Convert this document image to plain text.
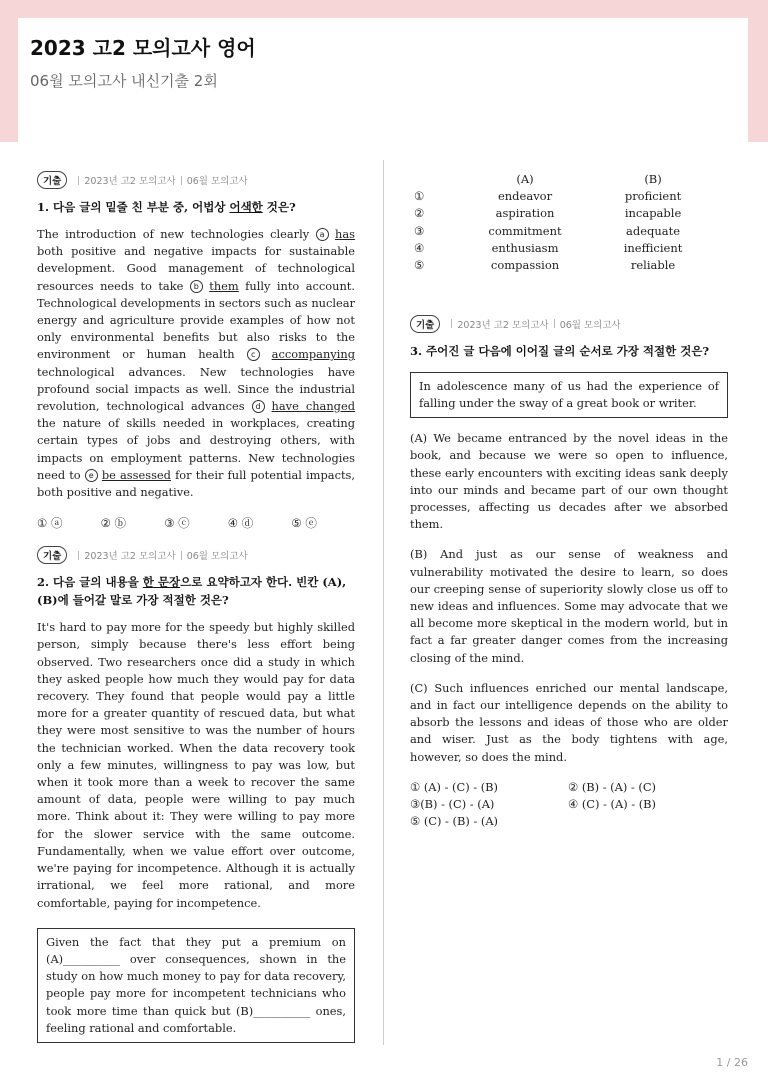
2023 고2 모의고사 영어
06월 모의고사 내신기출 2회
기출	2023년 고2 모의고사 06월 모의고사
1. 다음 글의 밑줄 친 부분 중, 어법상 어색한 것은?
The introduction of new technologies clearly a has both positive and negative impacts for sustainable development. Good management of technological resources needs to take b them fully into account. Technological developments in sectors such as nuclear energy and agriculture provide examples of how not only environmental benefits but also risks to the environment or human health c accompanying technological advances. New technologies have profound social impacts as well. Since the industrial revolution, technological advances d have changed the nature of skills needed in workplaces, creating certain types of jobs and destroying others, with impacts on employment patterns. New technologies need to e be assessed for their full potential impacts, both positive and negative.
① ⓐ	② ⓑ	③ ⓒ	④ ⓓ	⑤ ⓔ
기출	2023년 고2 모의고사 06월 모의고사
2. 다음 글의 내용을 한 문장으로 요약하고자 한다. 빈칸 (A), (B)에 들어갈 말로 가장 적절한 것은?
It's hard to pay more for the speedy but highly skilled person, simply because there's less effort being observed. Two researchers once did a study in which they asked people how much they would pay for data recovery. They found that people would pay a little more for a greater quantity of rescued data, but what they were most sensitive to was the number of hours the technician worked. When the data recovery took only a few minutes, willingness to pay was low, but when it took more than a week to recover the same amount of data, people were willing to pay much more. Think about it: They were willing to pay more for the slower service with the same outcome. Fundamentally, when we value effort over outcome, we're paying for incompetence. Although it is actually irrational, we feel more rational, and more comfortable, paying for incompetence.
Given the fact that they put a premium on (A)__________ over consequences, shown in the study on how much money to pay for data recovery, people pay more for incompetent technicians who took more time than quick but (B)__________ ones, feeling rational and comfortable.
	(A)	(B)
①	endeavor	proficient
②	aspiration	incapable
③	commitment	adequate
④	enthusiasm	inefficient
⑤	compassion	reliable
기출	2023년 고2 모의고사 06월 모의고사
3. 주어진 글 다음에 이어질 글의 순서로 가장 적절한 것은?
In adolescence many of us had the experience of falling under the sway of a great book or writer.
(A) We became entranced by the novel ideas in the book, and because we were so open to influence, these early encounters with exciting ideas sank deeply into our minds and became part of our own thought processes, affecting us decades after we absorbed them.
(B) And just as our sense of weakness and vulnerability motivated the desire to learn, so does our creeping sense of superiority slowly close us off to new ideas and influences. Some may advocate that we all become more skeptical in the modern world, but in fact a far greater danger comes from the increasing closing of the mind.
(C) Such influences enriched our mental landscape, and in fact our intelligence depends on the ability to absorb the lessons and ideas of those who are older and wiser. Just as the body tightens with age, however, so does the mind.
① (A) - (C) - (B)	② (B) - (A) - (C)
③(B) - (C) - (A)	④ (C) - (A) - (B)
⑤ (C) - (B) - (A)
1 / 26
